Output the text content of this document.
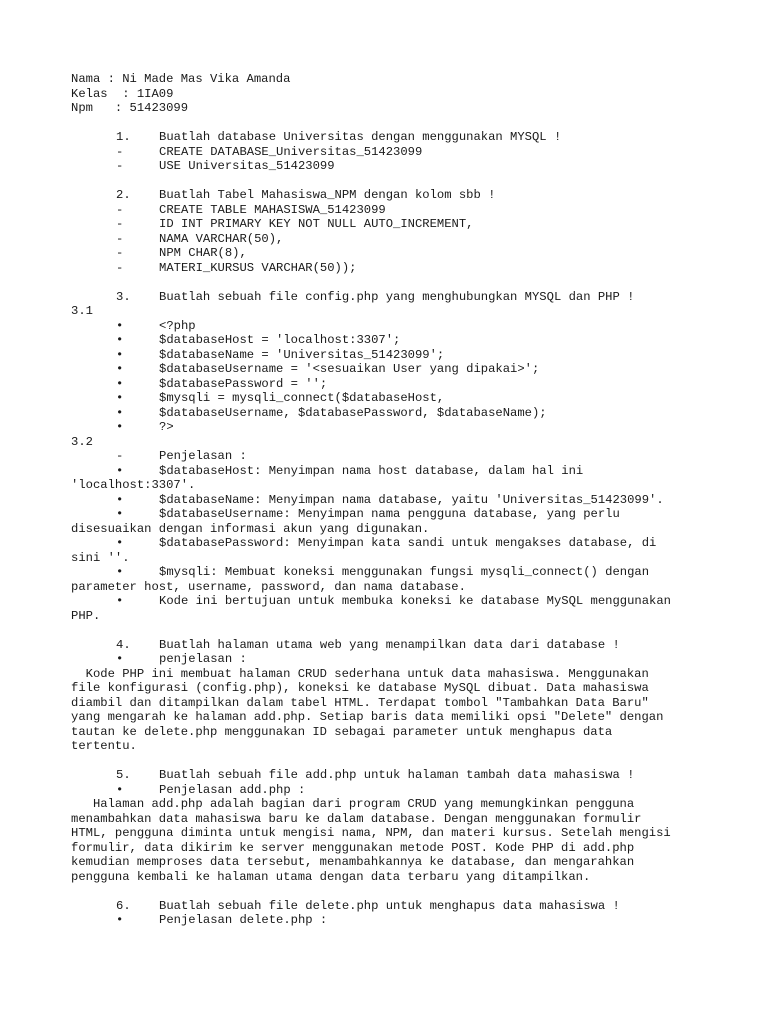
Nama : Ni Made Mas Vika Amanda
Kelas  : 1IA09
Npm   : 51423099
1.	Buatlah database Universitas dengan menggunakan MYSQL !
-	CREATE DATABASE_Universitas_51423099
-	USE Universitas_51423099
2.	Buatlah Tabel Mahasiswa_NPM dengan kolom sbb !
-	CREATE TABLE MAHASISWA_51423099
-	ID INT PRIMARY KEY NOT NULL AUTO_INCREMENT,
-	NAMA VARCHAR(50),
-	NPM CHAR(8),
-	MATERI_KURSUS VARCHAR(50));
3.	Buatlah sebuah file config.php yang menghubungkan MYSQL dan PHP !
3.1
•	<?php
•	$databaseHost = 'localhost:3307';
•	$databaseName = 'Universitas_51423099';
•	$databaseUsername = '<sesuaikan User yang dipakai>';
•	$databasePassword = '';
•	$mysqli = mysqli_connect($databaseHost,
•	$databaseUsername, $databasePassword, $databaseName);
•	?>
3.2
-	Penjelasan :
•	$databaseHost: Menyimpan nama host database, dalam hal ini
'localhost:3307'.
•	$databaseName: Menyimpan nama database, yaitu 'Universitas_51423099'.
•	$databaseUsername: Menyimpan nama pengguna database, yang perlu
disesuaikan dengan informasi akun yang digunakan.
•	$databasePassword: Menyimpan kata sandi untuk mengakses database, di
sini ''.
•	$mysqli: Membuat koneksi menggunakan fungsi mysqli_connect() dengan
parameter host, username, password, dan nama database.
•	Kode ini bertujuan untuk membuka koneksi ke database MySQL menggunakan
PHP.
4.	Buatlah halaman utama web yang menampilkan data dari database !
•	penjelasan :
Kode PHP ini membuat halaman CRUD sederhana untuk data mahasiswa. Menggunakan
file konfigurasi (config.php), koneksi ke database MySQL dibuat. Data mahasiswa
diambil dan ditampilkan dalam tabel HTML. Terdapat tombol "Tambahkan Data Baru"
yang mengarah ke halaman add.php. Setiap baris data memiliki opsi "Delete" dengan
tautan ke delete.php menggunakan ID sebagai parameter untuk menghapus data
tertentu.
5.	Buatlah sebuah file add.php untuk halaman tambah data mahasiswa !
•	Penjelasan add.php :
Halaman add.php adalah bagian dari program CRUD yang memungkinkan pengguna
menambahkan data mahasiswa baru ke dalam database. Dengan menggunakan formulir
HTML, pengguna diminta untuk mengisi nama, NPM, dan materi kursus. Setelah mengisi
formulir, data dikirim ke server menggunakan metode POST. Kode PHP di add.php
kemudian memproses data tersebut, menambahkannya ke database, dan mengarahkan
pengguna kembali ke halaman utama dengan data terbaru yang ditampilkan.
6.	Buatlah sebuah file delete.php untuk menghapus data mahasiswa !
•	Penjelasan delete.php :
